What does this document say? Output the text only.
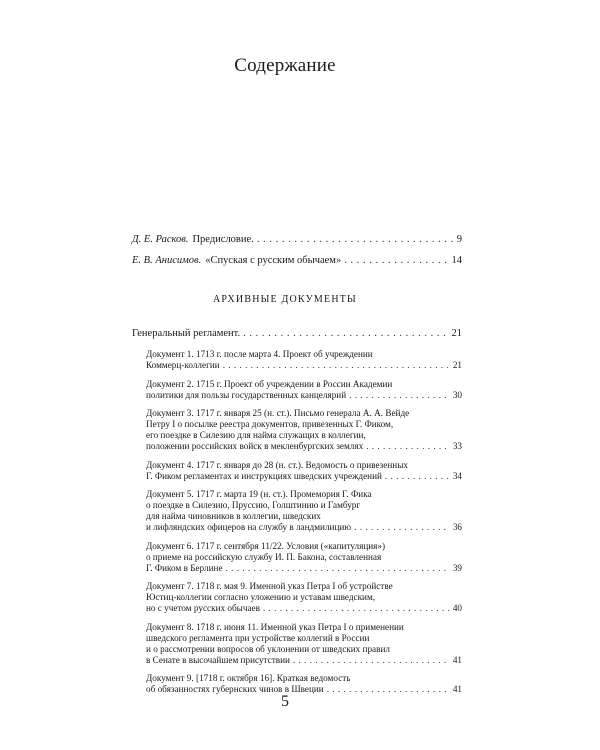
Содержание
Д. Е. Расков. Предисловие. . . .	9
Е. В. Анисимов. «Спуская с русским обычаем» . . .	14
АРХИВНЫЕ ДОКУМЕНТЫ
Генеральный регламент. . . .	21
Документ 1. 1713 г. после марта 4. Проект об учреждении
Коммерц-коллегии . . .	21
Документ 2. 1715 г. Проект об учреждении в России Академии
политики для пользы государственных канцелярий . . .	30
Документ 3. 1717 г. января 25 (н. ст.). Письмо генерала А. А. Вейде
Петру I о посылке реестра документов, привезенных Г. Фиком,
его поездке в Силезию для найма служащих в коллегии,
положении российских войск в мекленбургских землях . . .	33
Документ 4. 1717 г. января до 28 (н. ст.). Ведомость о привезенных
Г. Фиком регламентах и инструкциях шведских учреждений . . .	34
Документ 5. 1717 г. марта 19 (н. ст.). Промемория Г. Фика
о поездке в Силезию, Пруссию, Голштинию и Гамбург
для найма чиновников в коллегии, шведских
и лифляндских офицеров на службу в ландмилицию . . .	36
Документ 6. 1717 г. сентября 11/22. Условия («капитуляция»)
о приеме на российскую службу И. П. Бакона, составленная
Г. Фиком в Берлине . . .	39
Документ 7. 1718 г. мая 9. Именной указ Петра I об устройстве
Юстиц-коллегии согласно уложению и уставам шведским,
но с учетом русских обычаев . . .	40
Документ 8. 1718 г. июня 11. Именной указ Петра I о применении
шведского регламента при устройстве коллегий в России
и о рассмотрении вопросов об уклонении от шведских правил
в Сенате в высочайшем присутствии . . .	41
Документ 9. [1718 г. октября 16]. Краткая ведомость
об обязанностях губернских чинов в Швеции . . .	41
5
